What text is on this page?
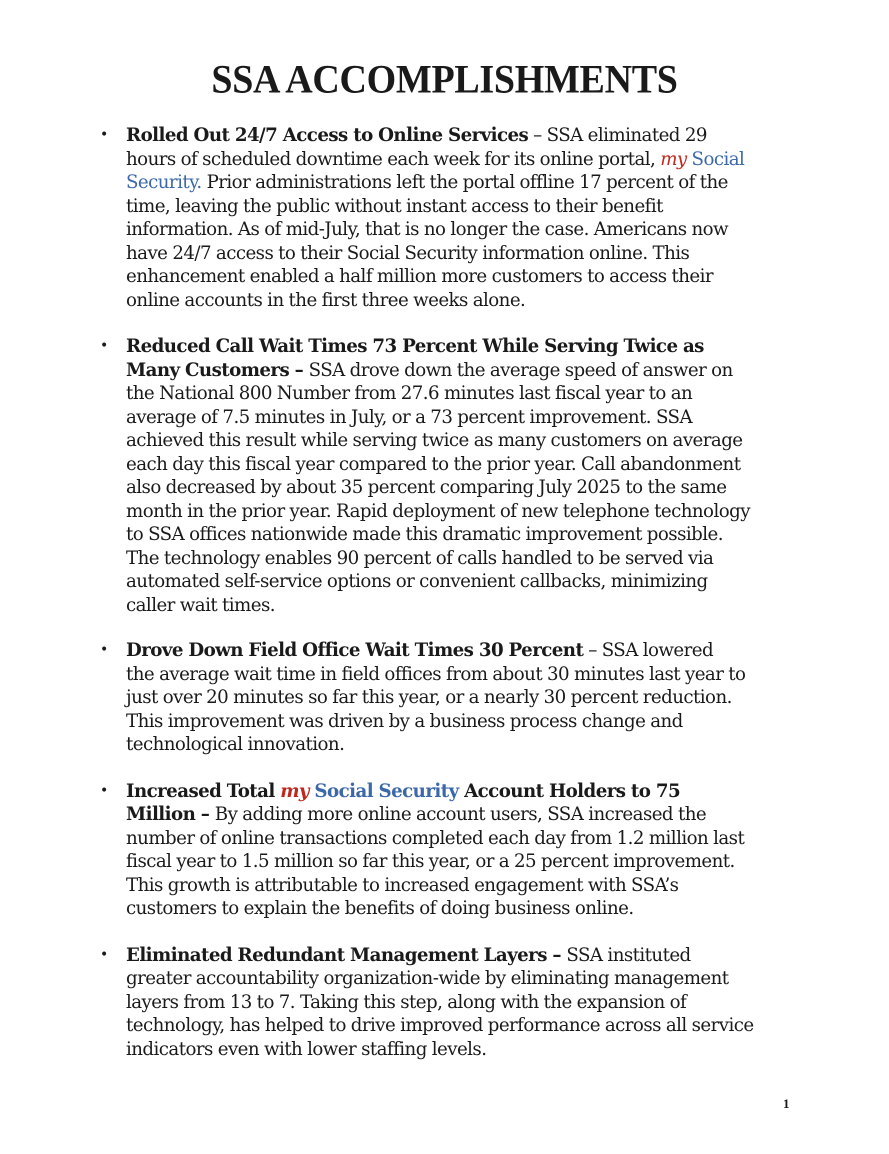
SSA ACCOMPLISHMENTS
• Rolled Out 24/7 Access to Online Services – SSA eliminated 29
hours of scheduled downtime each week for its online portal, my Social
Security. Prior administrations left the portal offline 17 percent of the
time, leaving the public without instant access to their benefit
information. As of mid-July, that is no longer the case. Americans now
have 24/7 access to their Social Security information online. This
enhancement enabled a half million more customers to access their
online accounts in the first three weeks alone.
• Reduced Call Wait Times 73 Percent While Serving Twice as
Many Customers – SSA drove down the average speed of answer on
the National 800 Number from 27.6 minutes last fiscal year to an
average of 7.5 minutes in July, or a 73 percent improvement. SSA
achieved this result while serving twice as many customers on average
each day this fiscal year compared to the prior year. Call abandonment
also decreased by about 35 percent comparing July 2025 to the same
month in the prior year. Rapid deployment of new telephone technology
to SSA offices nationwide made this dramatic improvement possible.
The technology enables 90 percent of calls handled to be served via
automated self-service options or convenient callbacks, minimizing
caller wait times.
• Drove Down Field Office Wait Times 30 Percent – SSA lowered
the average wait time in field offices from about 30 minutes last year to
just over 20 minutes so far this year, or a nearly 30 percent reduction.
This improvement was driven by a business process change and
technological innovation.
• Increased Total my Social Security Account Holders to 75
Million – By adding more online account users, SSA increased the
number of online transactions completed each day from 1.2 million last
fiscal year to 1.5 million so far this year, or a 25 percent improvement.
This growth is attributable to increased engagement with SSA’s
customers to explain the benefits of doing business online.
• Eliminated Redundant Management Layers – SSA instituted
greater accountability organization-wide by eliminating management
layers from 13 to 7. Taking this step, along with the expansion of
technology, has helped to drive improved performance across all service
indicators even with lower staffing levels.
1
